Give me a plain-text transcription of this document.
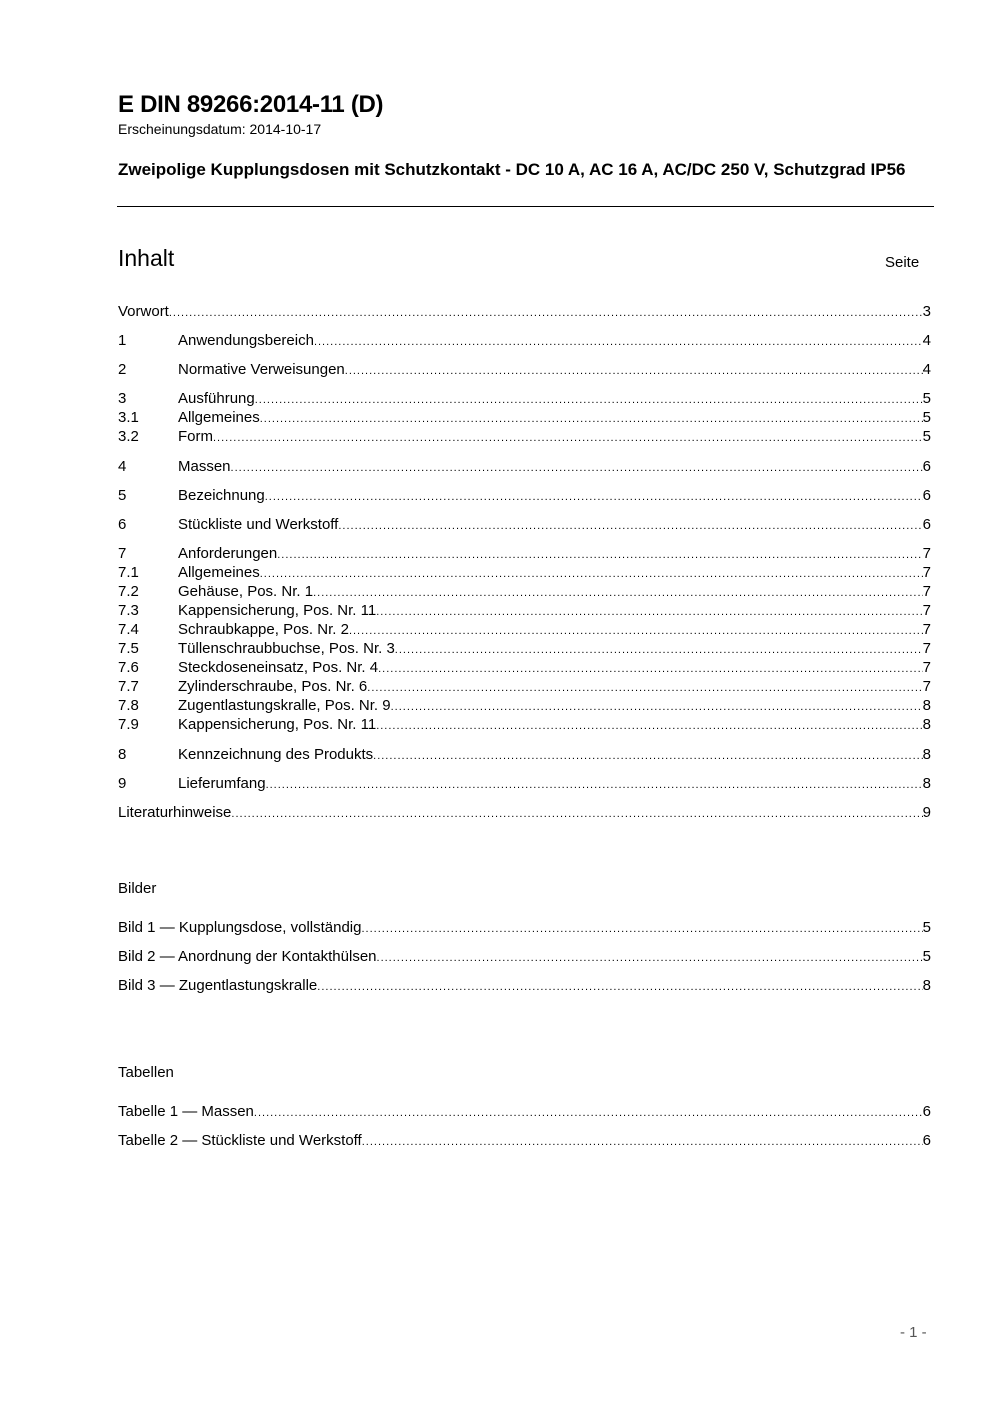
E DIN 89266:2014-11 (D)
Erscheinungsdatum: 2014-10-17
Zweipolige Kupplungsdosen mit Schutzkontakt - DC 10 A, AC 16 A, AC/DC 250 V, Schutzgrad IP56
Inhalt	Seite
Vorwort .....	3
1	Anwendungsbereich .....	4
2	Normative Verweisungen .....	4
3	Ausführung .....	5
3.1	Allgemeines .....	5
3.2	Form .....	5
4	Massen .....	6
5	Bezeichnung .....	6
6	Stückliste und Werkstoff .....	6
7	Anforderungen .....	7
7.1	Allgemeines .....	7
7.2	Gehäuse, Pos. Nr. 1 .....	7
7.3	Kappensicherung, Pos. Nr. 11 .....	7
7.4	Schraubkappe, Pos. Nr. 2 .....	7
7.5	Tüllenschraubbuchse, Pos. Nr. 3 .....	7
7.6	Steckdoseneinsatz, Pos. Nr. 4 .....	7
7.7	Zylinderschraube, Pos. Nr. 6 .....	7
7.8	Zugentlastungskralle, Pos. Nr. 9 .....	8
7.9	Kappensicherung, Pos. Nr. 11 .....	8
8	Kennzeichnung des Produkts .....	8
9	Lieferumfang .....	8
Literaturhinweise .....	9
Bilder
Bild 1 — Kupplungsdose, vollständig .....	5
Bild 2 — Anordnung der Kontakthülsen .....	5
Bild 3 — Zugentlastungskralle .....	8
Tabellen
Tabelle 1 — Massen .....	6
Tabelle 2 — Stückliste und Werkstoff .....	6
- 1 -
